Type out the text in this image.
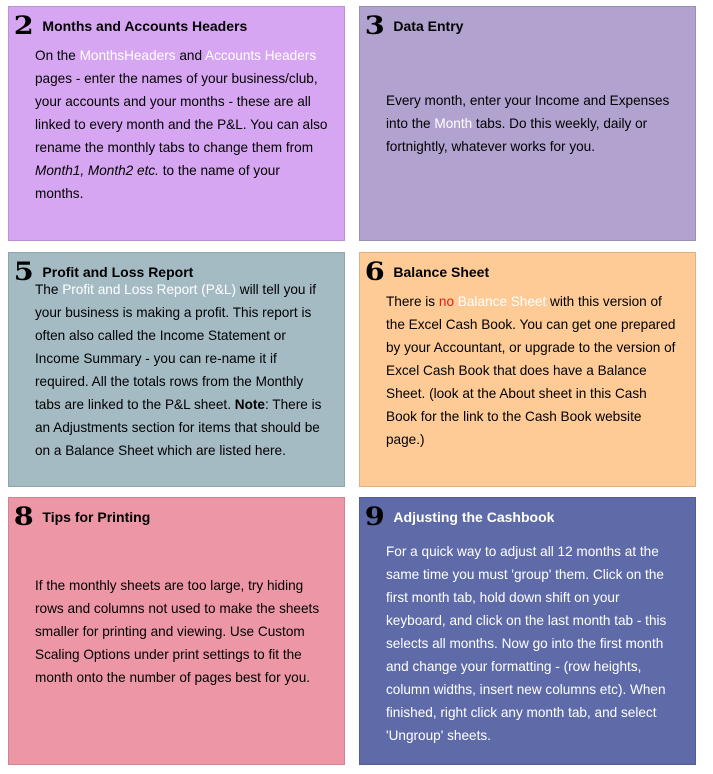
2 Months and Accounts Headers
On the MonthsHeaders and Accounts Headers pages - enter the names of your business/club, your accounts and your months - these are all linked to every month and the P&L. You can also rename the monthly tabs to change them from Month1, Month2 etc. to the name of your months.
3 Data Entry
Every month, enter your Income and Expenses into the Month tabs. Do this weekly, daily or fortnightly, whatever works for you.
5 Profit and Loss Report
The Profit and Loss Report (P&L) will tell you if your business is making a profit. This report is often also called the Income Statement or Income Summary - you can re-name it if required. All the totals rows from the Monthly tabs are linked to the P&L sheet. Note: There is an Adjustments section for items that should be on a Balance Sheet which are listed here.
6 Balance Sheet
There is no Balance Sheet with this version of the Excel Cash Book. You can get one prepared by your Accountant, or upgrade to the version of Excel Cash Book that does have a Balance Sheet. (look at the About sheet in this Cash Book for the link to the Cash Book website page.)
8 Tips for Printing
If the monthly sheets are too large, try hiding rows and columns not used to make the sheets smaller for printing and viewing. Use Custom Scaling Options under print settings to fit the month onto the number of pages best for you.
9 Adjusting the Cashbook
For a quick way to adjust all 12 months at the same time you must 'group' them. Click on the first month tab, hold down shift on your keyboard, and click on the last month tab - this selects all months. Now go into the first month and change your formatting - (row heights, column widths, insert new columns etc). When finished, right click any month tab, and select 'Ungroup' sheets.
